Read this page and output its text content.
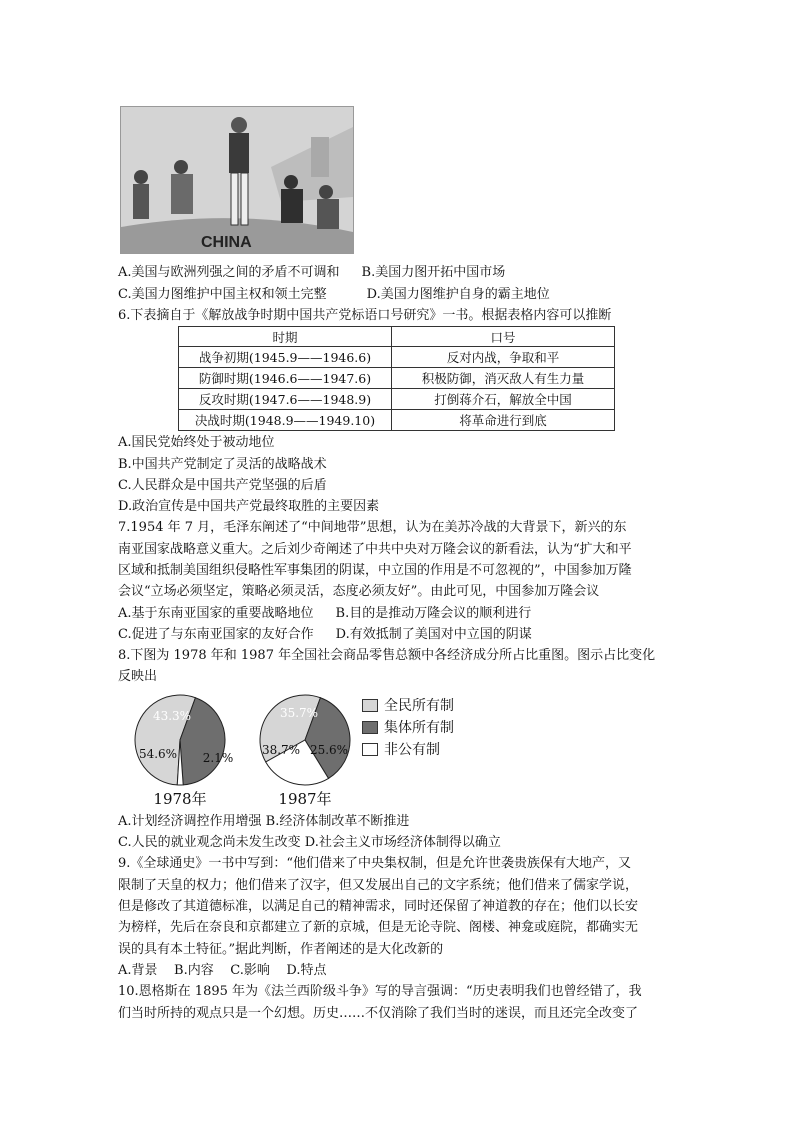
CHINA
A.美国与欧洲列强之间的矛盾不可调和 B.美国力图开拓中国市场
C.美国力图维护中国主权和领土完整	D.美国力图维护自身的霸主地位
6.下表摘自于《解放战争时期中国共产党标语口号研究》一书。根据表格内容可以推断
时期	口号
战争初期(1945.9——1946.6)	反对内战，争取和平
防御时期(1946.6——1947.6)	积极防御，消灭敌人有生力量
反攻时期(1947.6——1948.9)	打倒蒋介石，解放全中国
决战时期(1948.9——1949.10)	将革命进行到底
A.国民党始终处于被动地位
B.中国共产党制定了灵活的战略战术
C.人民群众是中国共产党坚强的后盾
D.政治宣传是中国共产党最终取胜的主要因素
7.1954 年 7 月，毛泽东阐述了“中间地带”思想，认为在美苏冷战的大背景下，新兴的东
南亚国家战略意义重大。之后刘少奇阐述了中共中央对万隆会议的新看法，认为“扩大和平
区域和抵制美国组织侵略性军事集团的阴谋，中立国的作用是不可忽视的”，中国参加万隆
会议“立场必须坚定，策略必须灵活，态度必须友好”。由此可见，中国参加万隆会议
A.基于东南亚国家的重要战略地位 B.目的是推动万隆会议的顺利进行
C.促进了与东南亚国家的友好合作 D.有效抵制了美国对中立国的阴谋
8.下图为 1978 年和 1987 年全国社会商品零售总额中各经济成分所占比重图。图示占比变化
反映出
54.6%
43.3%
2.1%
1978年
38.7%
35.7%
25.6%
1987年
全民所有制
集体所有制
非公有制
A.计划经济调控作用增强 B.经济体制改革不断推进
C.人民的就业观念尚未发生改变 D.社会主义市场经济体制得以确立
9.《全球通史》一书中写到：“他们借来了中央集权制，但是允许世袭贵族保有大地产，又
限制了天皇的权力；他们借来了汉字，但又发展出自己的文字系统；他们借来了儒家学说，
但是修改了其道德标准，以满足自己的精神需求，同时还保留了神道教的存在；他们以长安
为榜样，先后在奈良和京都建立了新的京城，但是无论寺院、阁楼、神龛或庭院，都确实无
误的具有本土特征。”据此判断，作者阐述的是大化改新的
A.背景    B.内容    C.影响    D.特点
10.恩格斯在 1895 年为《法兰西阶级斗争》写的导言强调：“历史表明我们也曾经错了，我
们当时所持的观点只是一个幻想。历史……不仅消除了我们当时的迷误，而且还完全改变了
